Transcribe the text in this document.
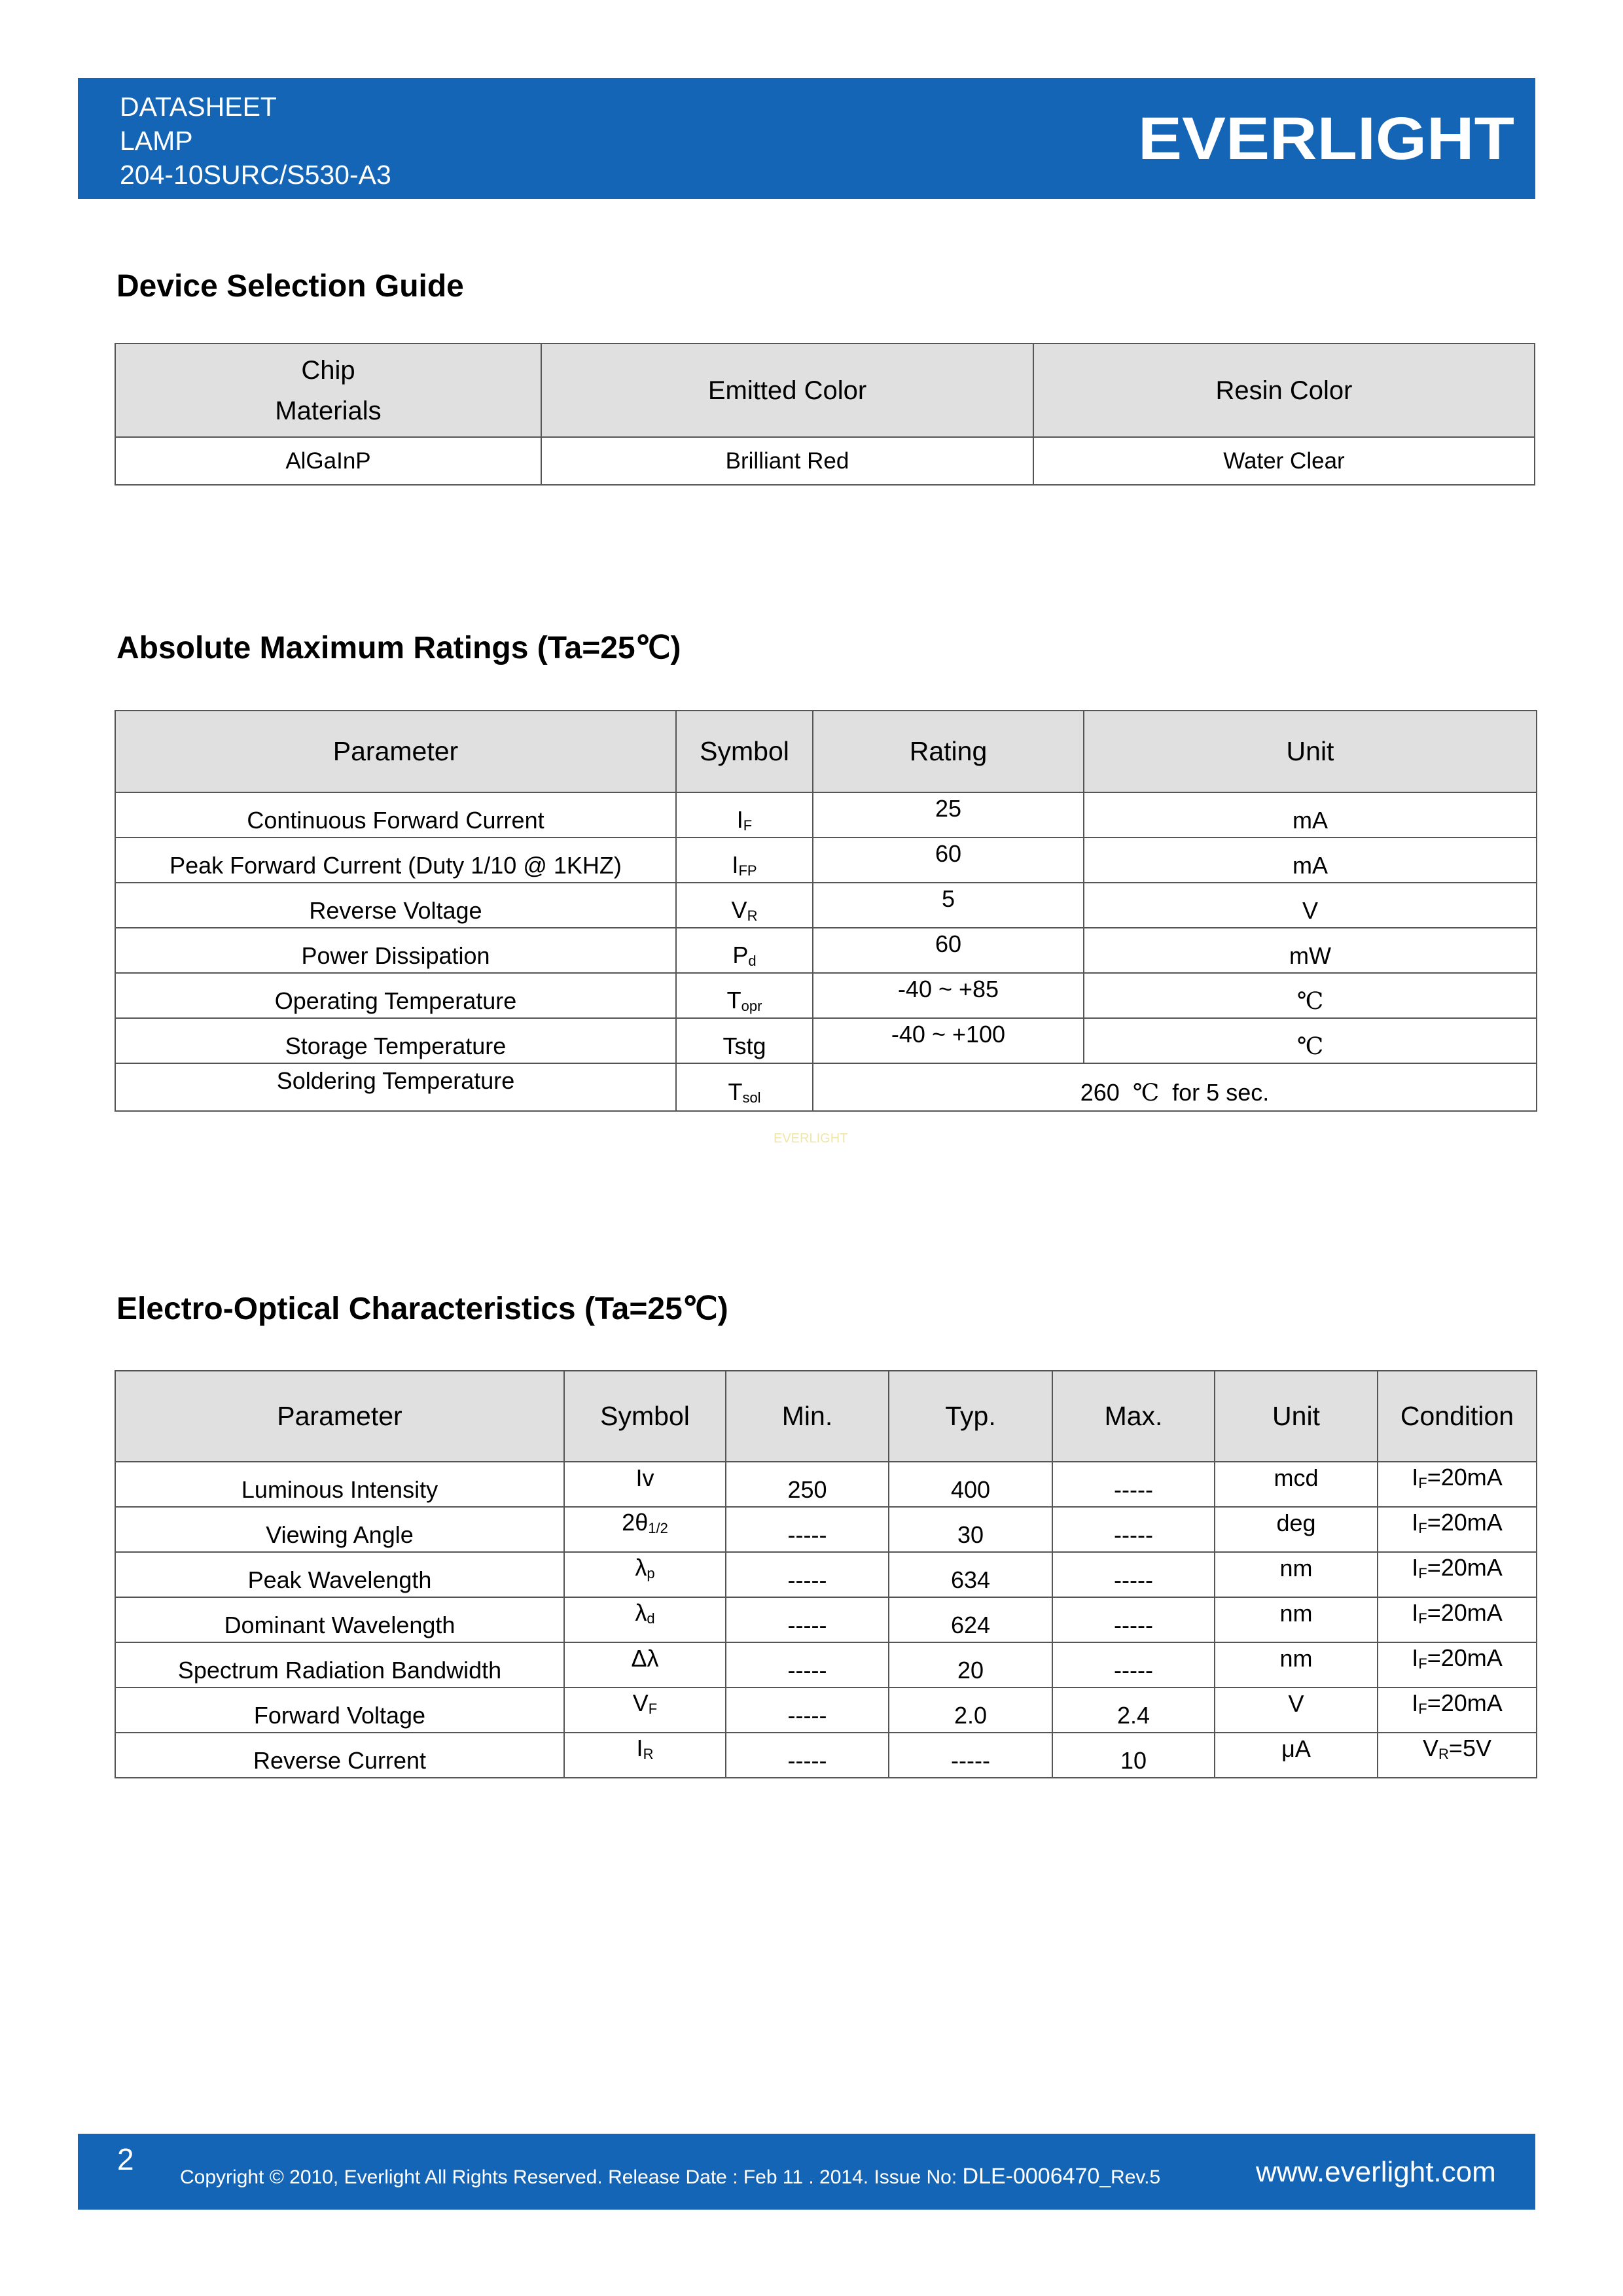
DATASHEET
LAMP
204-10SURC/S530-A3
EVERLIGHT
Device Selection Guide
Chip
Materials	Emitted Color	Resin Color
AlGaInP	Brilliant Red	Water Clear
Absolute Maximum Ratings (Ta=25℃)
Parameter	Symbol	Rating	Unit
Continuous Forward Current	$I_F$	25	mA
Peak Forward Current (Duty 1/10 @ 1KHZ)	$I_{FP}$	60	mA
Reverse Voltage	$V_R$	5	V
Power Dissipation	$P_d$	60	mW
Operating Temperature	$T_{opr}$	-40 ~ +85	℃
Storage Temperature	Tstg	-40 ~ +100	℃
Soldering Temperature	$T_{sol}$	260 ℃ for 5 sec.	
EVERLIGHT
Electro-Optical Characteristics (Ta=25℃)
Parameter	Symbol	Min.	Typ.	Max.	Unit	Condition
Luminous Intensity	Iv	250	400	-----	mcd	$I_F=20mA$
Viewing Angle	$2\theta_{1/2}$	-----	30	-----	deg	$I_F=20mA$
Peak Wavelength	$\lambda_p$	-----	634	-----	nm	$I_F=20mA$
Dominant Wavelength	$\lambda_d$	-----	624	-----	nm	$I_F=20mA$
Spectrum Radiation Bandwidth	Δλ	-----	20	-----	nm	$I_F=20mA$
Forward Voltage	$V_F$	-----	2.0	2.4	V	$I_F=20mA$
Reverse Current	$I_R$	-----	-----	10	μA	$V_R=5V$
2
Copyright © 2010, Everlight All Rights Reserved. Release Date : Feb 11 . 2014. Issue No: DLE-0006470_Rev.5	www.everlight.com
